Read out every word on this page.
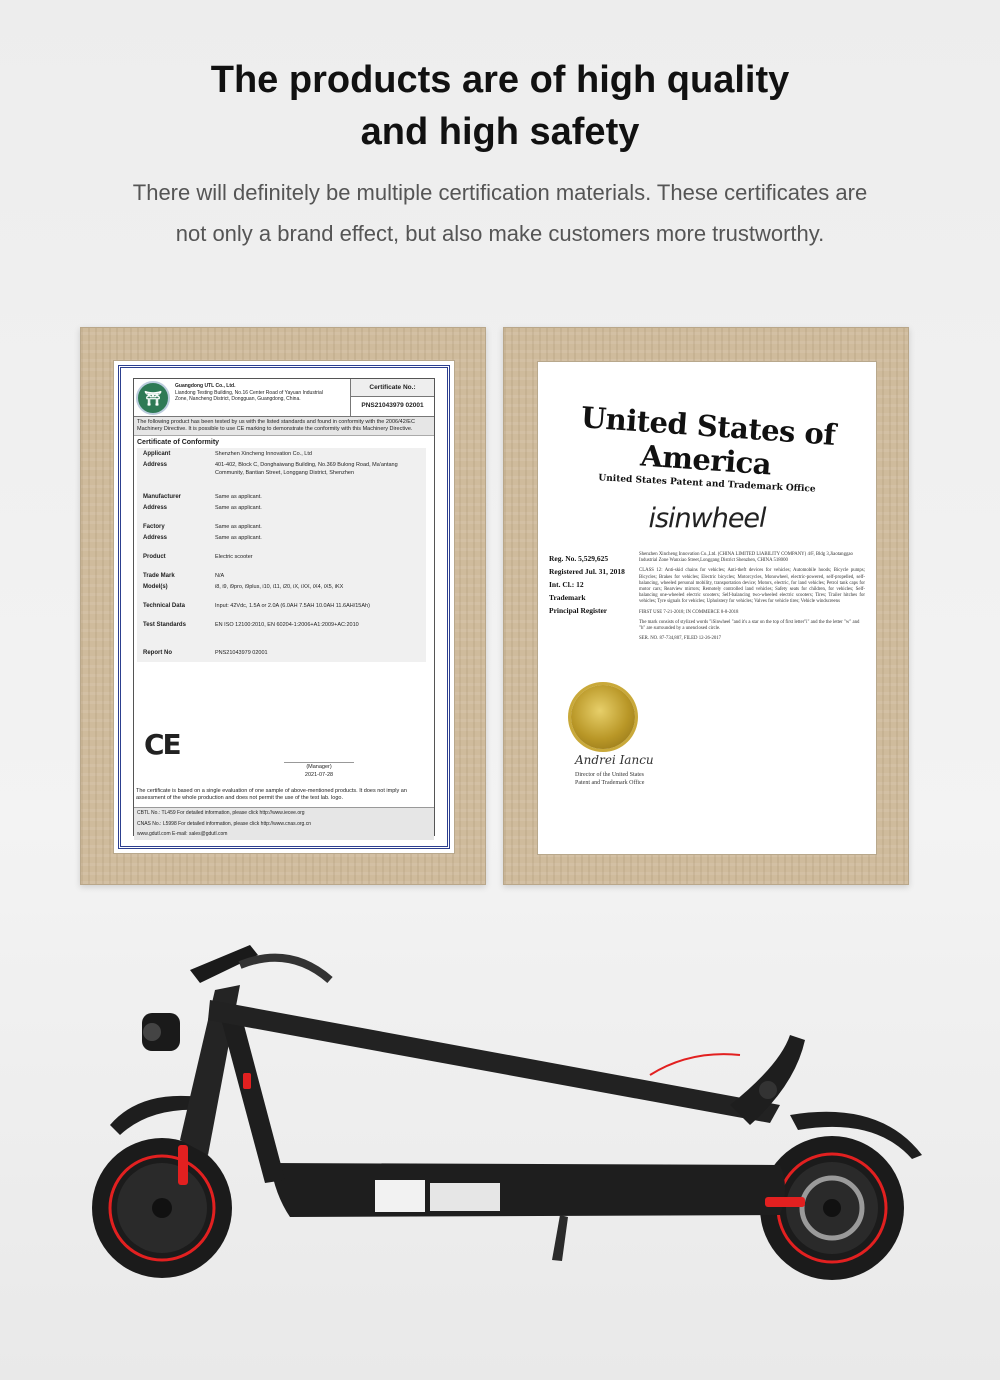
The products are of high quality
and high safety
There will definitely be multiple certification materials. These certificates are
not only a brand effect, but also make customers more trustworthy.
⛩
Guangdong UTL Co., Ltd.
Liandong Testing Building, No.16 Center Road of Yayuan Industrial
Zone, Nancheng District, Dongguan, Guangdong, China.
Certificate No.:
PNS21043979 02001
The following product has been tested by us with the listed standards and found in conformity with the 2006/42/EC Machinery Directive. It is possible to use CE marking to demonstrate the conformity with this Machinery Directive.
Certificate of Conformity
Applicant	Shenzhen Xincheng Innovation Co., Ltd
Address	401-402, Block C, Donghaiwang Building, No.369 Bulong Road, Ma'antang Community, Bantian Street, Longgang District, Shenzhen
Manufacturer	Same as applicant.
Address	Same as applicant.
Factory	Same as applicant.
Address	Same as applicant.
Product	Electric scooter
Trade Mark	N/A
Model(s)	i8, i9, i9pro, i9plus, i10, i11, i20, iX, iXX, iX4, iX5, iKX
Technical Data	Input: 42Vdc, 1.5A or 2.0A (6.0AH 7.5AH 10.0AH 11.6AH/15Ah)
Test Standards	EN ISO 12100:2010, EN 60204-1:2006+A1:2009+AC:2010
Report No	PNS21043979 02001
CE
(Manager)
2021-07-28
The certificate is based on a single evaluation of one sample of above-mentioned products. It does not imply an assessment of the whole production and does not permit the use of the test lab. logo.
CBTL No.: TL459 For detailed information, please click http://www.iecee.org
CNAS No.: L5998 For detailed information, please click http://www.cnas.org.cn
www.gdutl.com E-mail: sales@gdutl.com
United States of America
United States Patent and Trademark Office
isinwheel
Reg. No. 5,529,625
Registered Jul. 31, 2018
Int. Cl.: 12
Trademark
Principal Register
Shenzhen Xincheng Innovation Co.,Ltd. (CHINA LIMITED LIABILITY COMPANY) 4/F, Bldg 3,Jiaotanggao Industrial Zone Wanxiao Street,Longgang District Shenzhen, CHINA 518000
CLASS 12: Anti-skid chains for vehicles; Anti-theft devices for vehicles; Automobile hoods; Bicycle pumps; Bicycles; Brakes for vehicles; Electric bicycles; Motorcycles, Monowheel, electric-powered, self-propelled, self-balancing, wheeled personal mobility, transportation device; Motors, electric, for land vehicles; Petrol tank caps for motor cars; Rearview mirrors; Remotely controlled land vehicles; Safety seats for children, for vehicles; Self-balancing one-wheeled electric scooters; Self-balancing two-wheeled electric scooters; Tires; Trailer hitches for vehicles; Tyre signals for vehicles; Upholstery for vehicles; Valves for vehicle tires; Vehicle windscreens
FIRST USE 7-21-2018; IN COMMERCE 8-8-2018
The mark consists of stylized words "iSinwheel "and it's a star on the top of first letter"i" and the the letter "w" and "h" are surrounded by a unenclosed circle.
SER. NO. 87-734,807, FILED 12-26-2017
Andrei Iancu
Director of the United States
Patent and Trademark Office
